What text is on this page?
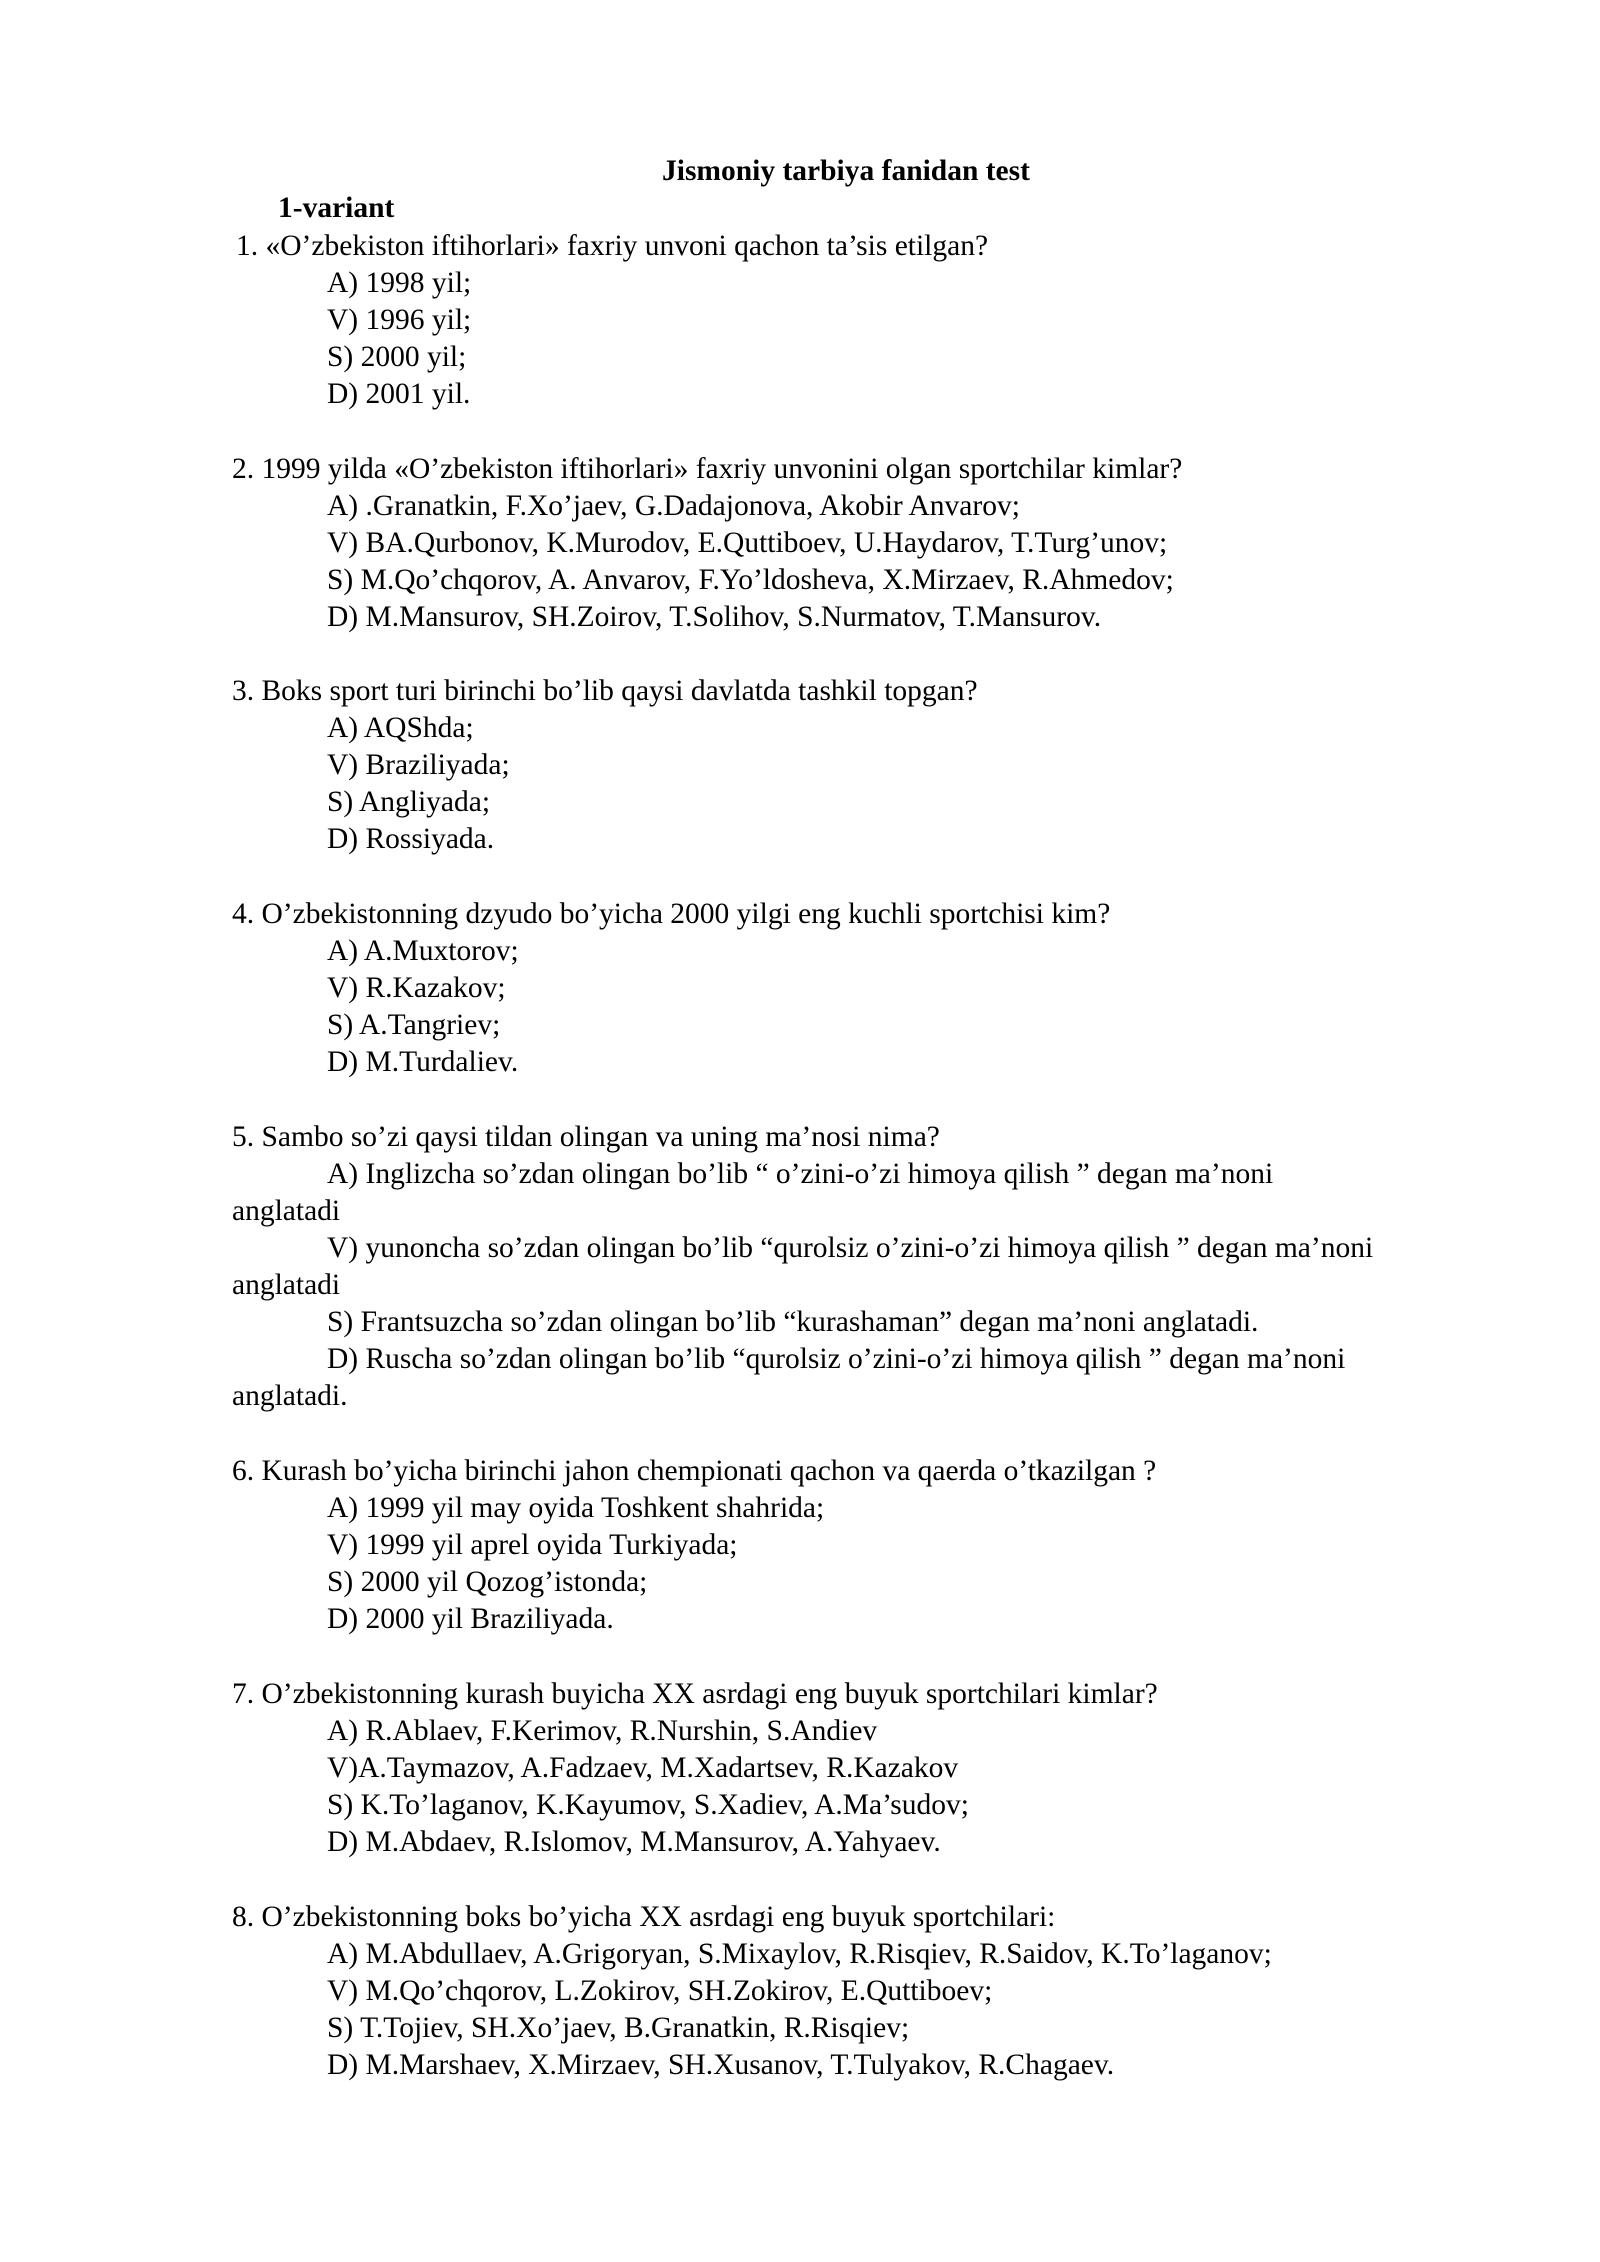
Jismoniy tarbiya fanidan test
1-variant
1. «O’zbekiston iftihorlari» faxriy unvoni qachon ta’sis etilgan?
A) 1998 yil;
V) 1996 yil;
S) 2000 yil;
D) 2001 yil.
2. 1999 yilda «O’zbekiston iftihorlari» faxriy unvonini olgan sportchilar kimlar?
A) .Granatkin, F.Xo’jaev, G.Dadajonova, Akobir Anvarov;
V) BA.Qurbonov, K.Murodov, E.Quttiboev, U.Haydarov, T.Turg’unov;
S) M.Qo’chqorov, A. Anvarov, F.Yo’ldosheva, X.Mirzaev, R.Ahmedov;
D) M.Mansurov, SH.Zoirov, T.Solihov, S.Nurmatov, T.Mansurov.
3. Boks sport turi birinchi bo’lib qaysi davlatda tashkil topgan?
A) AQShda;
V) Braziliyada;
S) Angliyada;
D) Rossiyada.
4. O’zbekistonning dzyudo bo’yicha 2000 yilgi eng kuchli sportchisi kim?
A) A.Muxtorov;
V) R.Kazakov;
S) A.Tangriev;
D) M.Turdaliev.
5. Sambo so’zi qaysi tildan olingan va uning ma’nosi nima?
A) Inglizcha so’zdan olingan bo’lib “ o’zini-o’zi himoya qilish ” degan ma’noni
anglatadi
V) yunoncha so’zdan olingan bo’lib “qurolsiz o’zini-o’zi himoya qilish ” degan ma’noni
anglatadi
S) Frantsuzcha so’zdan olingan bo’lib “kurashaman” degan ma’noni anglatadi.
D) Ruscha so’zdan olingan bo’lib “qurolsiz o’zini-o’zi himoya qilish ” degan ma’noni
anglatadi.
6. Kurash bo’yicha birinchi jahon chempionati qachon va qaerda o’tkazilgan ?
A) 1999 yil may oyida Toshkent shahrida;
V) 1999 yil aprel oyida Turkiyada;
S) 2000 yil Qozog’istonda;
D) 2000 yil Braziliyada.
7. O’zbekistonning kurash buyicha XX asrdagi eng buyuk sportchilari kimlar?
A) R.Ablaev, F.Kerimov, R.Nurshin, S.Andiev
V)A.Taymazov, A.Fadzaev, M.Xadartsev, R.Kazakov
S) K.To’laganov, K.Kayumov, S.Xadiev, A.Ma’sudov;
D) M.Abdaev, R.Islomov, M.Mansurov, A.Yahyaev.
8. O’zbekistonning boks bo’yicha XX asrdagi eng buyuk sportchilari:
A) M.Abdullaev, A.Grigoryan, S.Mixaylov, R.Risqiev, R.Saidov, K.To’laganov;
V) M.Qo’chqorov, L.Zokirov, SH.Zokirov, E.Quttiboev;
S) T.Tojiev, SH.Xo’jaev, B.Granatkin, R.Risqiev;
D) M.Marshaev, X.Mirzaev, SH.Xusanov, T.Tulyakov, R.Chagaev.
